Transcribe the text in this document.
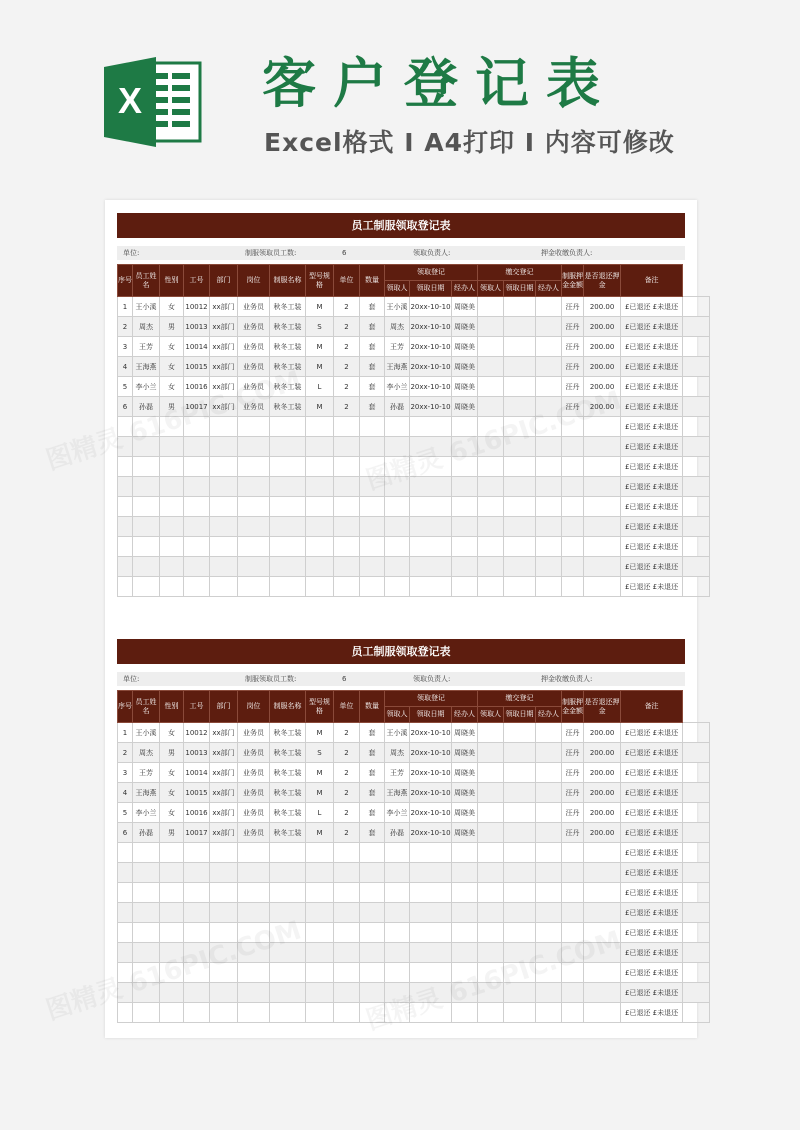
X 客户登记表
Excel格式 I A4打印 I 内容可修改
员工制服领取登记表
单位:	制服领取员工数:	6	领取负责人:	押金收缴负责人:
序号	员工姓名	性别	工号	部门	岗位	制服名称	型号规格	单位	数量	领取登记			缴交登记			制服押金金额	是否退还押金	备注	
										领取人	领取日期	经办人	领取人	领取日期	经办人				
1	王小溪	女	10012	xx部门	业务员	秋冬工装	M	2	套	王小溪	20xx-10-10	周晓美				汪丹	200.00	£已退还 £未退还	
2	周杰	男	10013	xx部门	业务员	秋冬工装	S	2	套	周杰	20xx-10-10	周晓美				汪丹	200.00	£已退还 £未退还	
3	王芳	女	10014	xx部门	业务员	秋冬工装	M	2	套	王芳	20xx-10-10	周晓美				汪丹	200.00	£已退还 £未退还	
4	王海燕	女	10015	xx部门	业务员	秋冬工装	M	2	套	王海燕	20xx-10-10	周晓美				汪丹	200.00	£已退还 £未退还	
5	李小兰	女	10016	xx部门	业务员	秋冬工装	L	2	套	李小兰	20xx-10-10	周晓美				汪丹	200.00	£已退还 £未退还	
6	孙磊	男	10017	xx部门	业务员	秋冬工装	M	2	套	孙磊	20xx-10-10	周晓美				汪丹	200.00	£已退还 £未退还	
																		£已退还 £未退还	
																		£已退还 £未退还	
																		£已退还 £未退还	
																		£已退还 £未退还	
																		£已退还 £未退还	
																		£已退还 £未退还	
																		£已退还 £未退还	
																		£已退还 £未退还	
																		£已退还 £未退还	
员工制服领取登记表
单位:	制服领取员工数:	6	领取负责人:	押金收缴负责人:
序号	员工姓名	性别	工号	部门	岗位	制服名称	型号规格	单位	数量	领取登记			缴交登记			制服押金金额	是否退还押金	备注	
										领取人	领取日期	经办人	领取人	领取日期	经办人				
1	王小溪	女	10012	xx部门	业务员	秋冬工装	M	2	套	王小溪	20xx-10-10	周晓美				汪丹	200.00	£已退还 £未退还	
2	周杰	男	10013	xx部门	业务员	秋冬工装	S	2	套	周杰	20xx-10-10	周晓美				汪丹	200.00	£已退还 £未退还	
3	王芳	女	10014	xx部门	业务员	秋冬工装	M	2	套	王芳	20xx-10-10	周晓美				汪丹	200.00	£已退还 £未退还	
4	王海燕	女	10015	xx部门	业务员	秋冬工装	M	2	套	王海燕	20xx-10-10	周晓美				汪丹	200.00	£已退还 £未退还	
5	李小兰	女	10016	xx部门	业务员	秋冬工装	L	2	套	李小兰	20xx-10-10	周晓美				汪丹	200.00	£已退还 £未退还	
6	孙磊	男	10017	xx部门	业务员	秋冬工装	M	2	套	孙磊	20xx-10-10	周晓美				汪丹	200.00	£已退还 £未退还	
																		£已退还 £未退还	
																		£已退还 £未退还	
																		£已退还 £未退还	
																		£已退还 £未退还	
																		£已退还 £未退还	
																		£已退还 £未退还	
																		£已退还 £未退还	
																		£已退还 £未退还	
																		£已退还 £未退还	
